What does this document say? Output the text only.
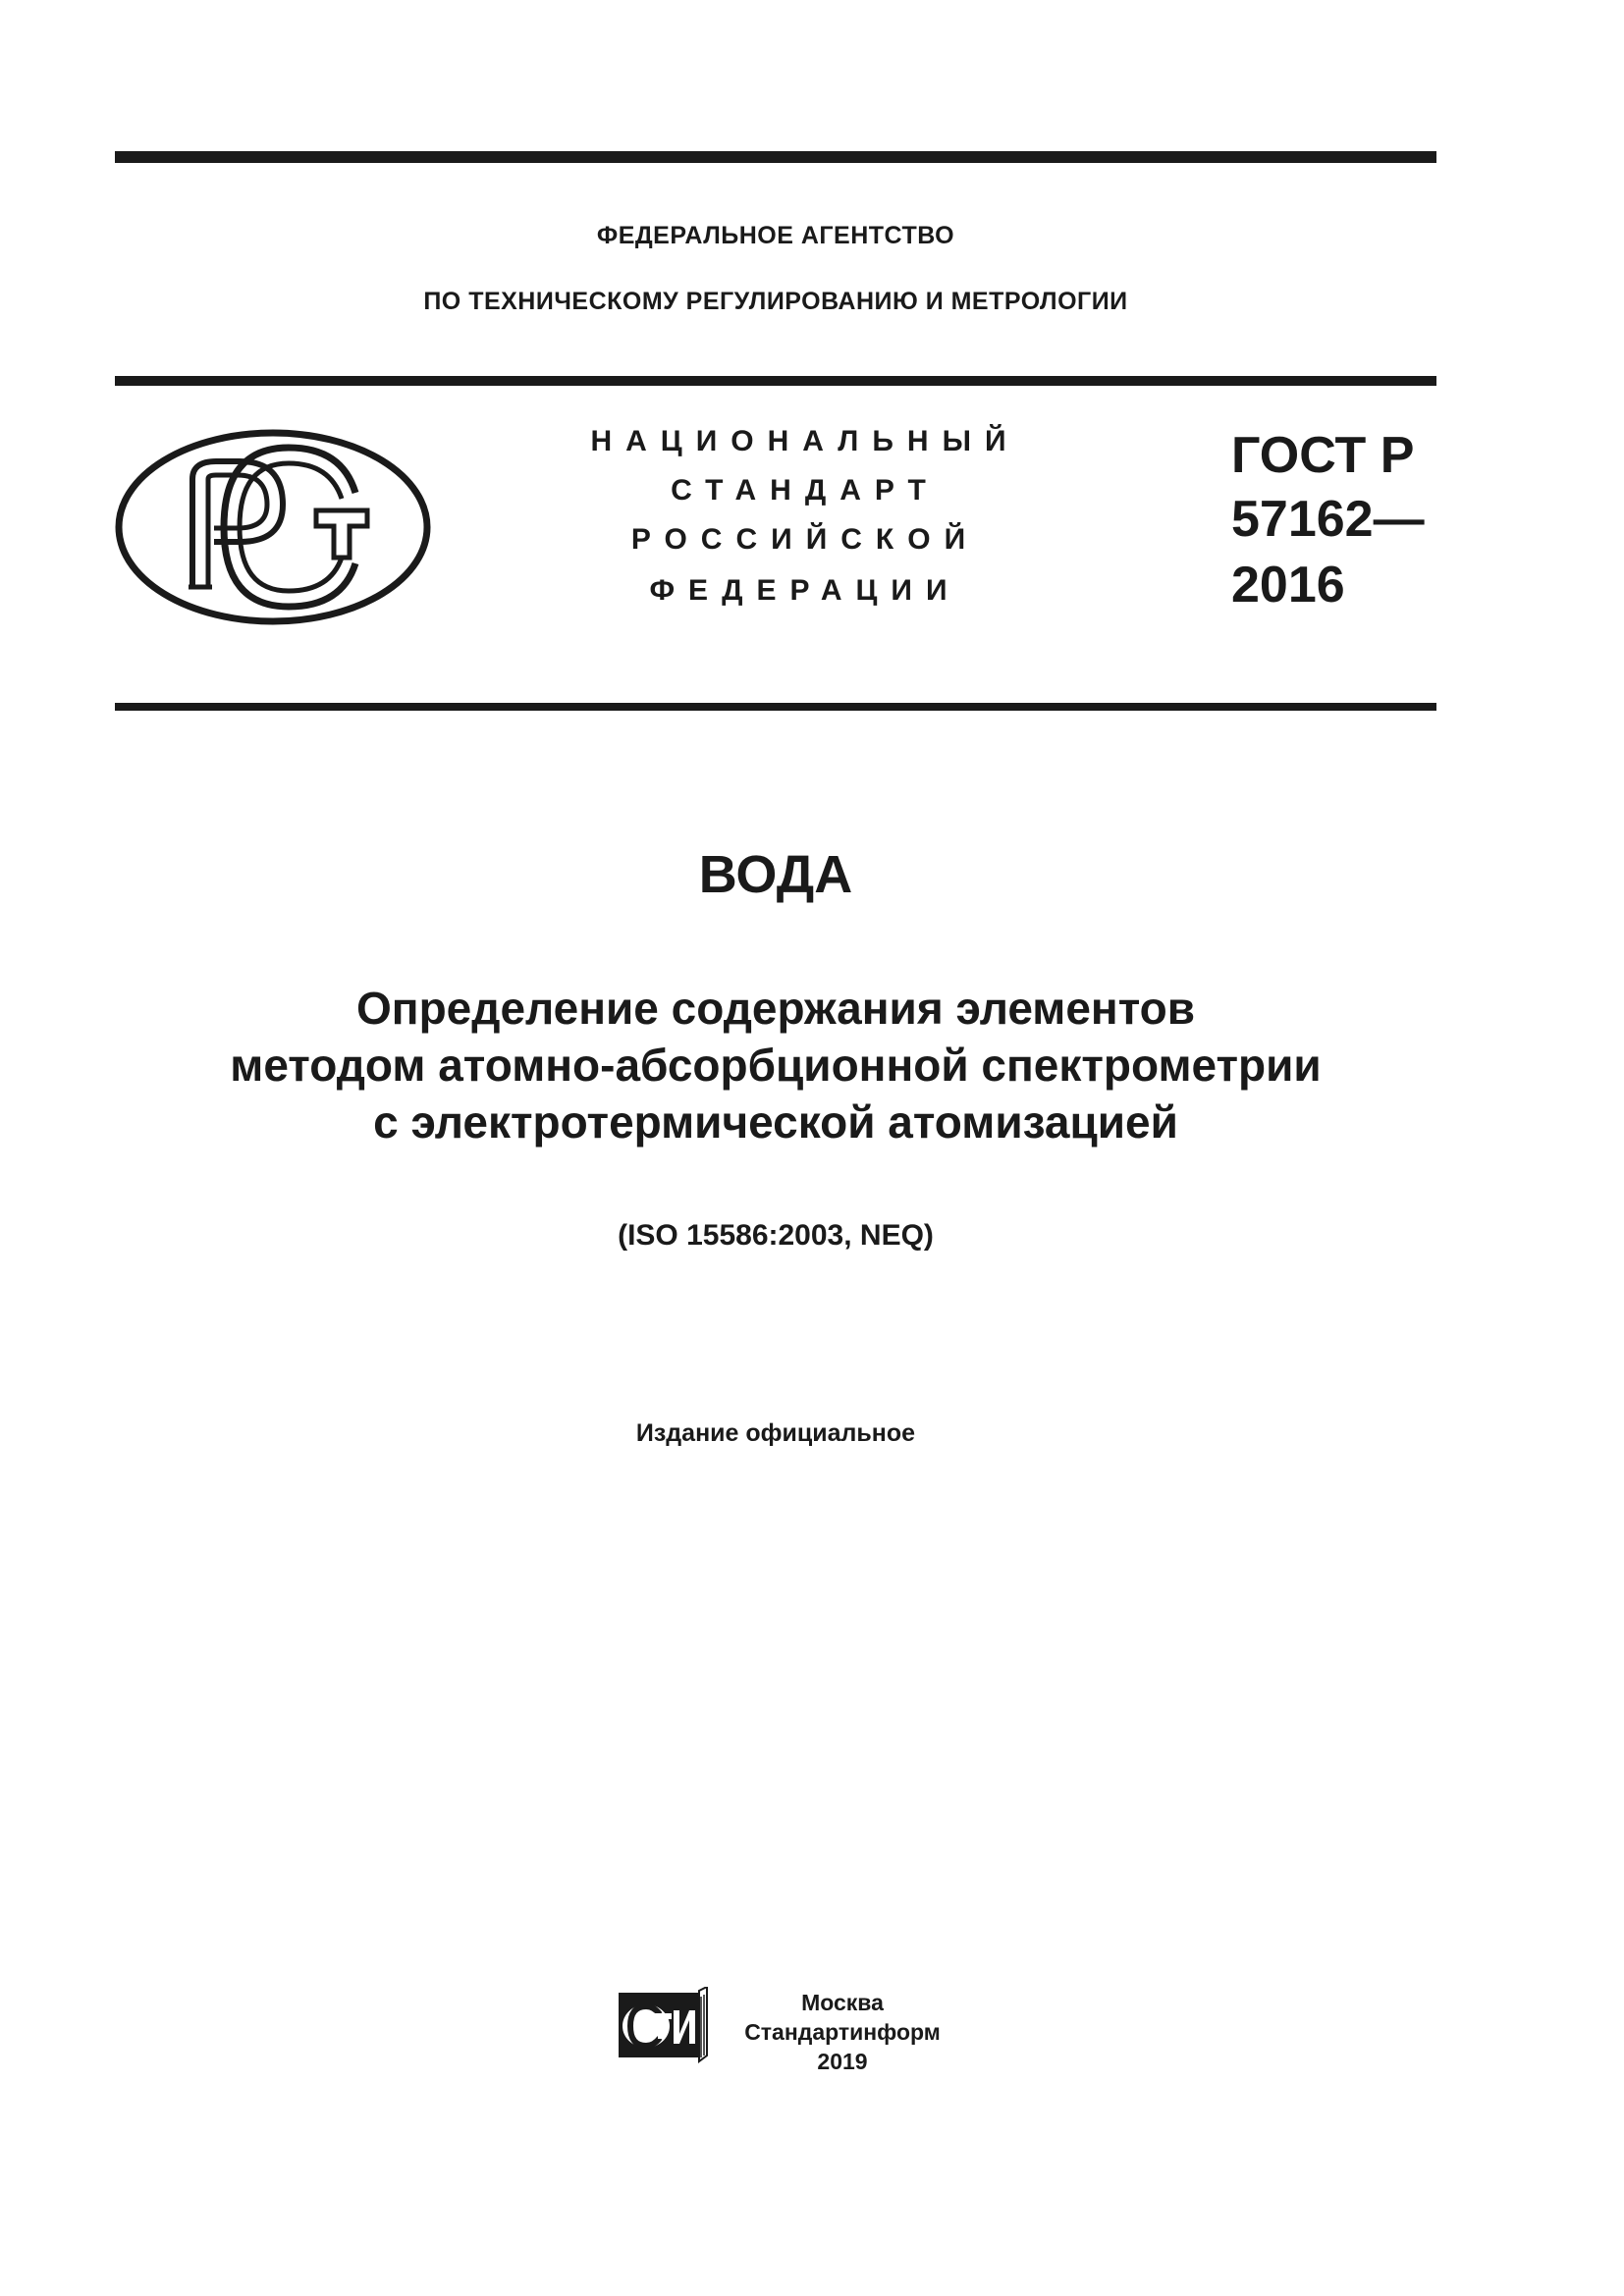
ФЕДЕРАЛЬНОЕ АГЕНТСТВО
ПО ТЕХНИЧЕСКОМУ РЕГУЛИРОВАНИЮ И МЕТРОЛОГИИ
НАЦИОНАЛЬНЫЙ
СТАНДАРТ
РОССИЙСКОЙ
ФЕДЕРАЦИИ
ГОСТ Р
57162—
2016
ВОДА
Определение содержания элементов
методом атомно-абсорбционной спектрометрии
с электротермической атомизацией
(ISO 15586:2003, NEQ)
Издание официальное
Москва
Стандартинформ
2019
